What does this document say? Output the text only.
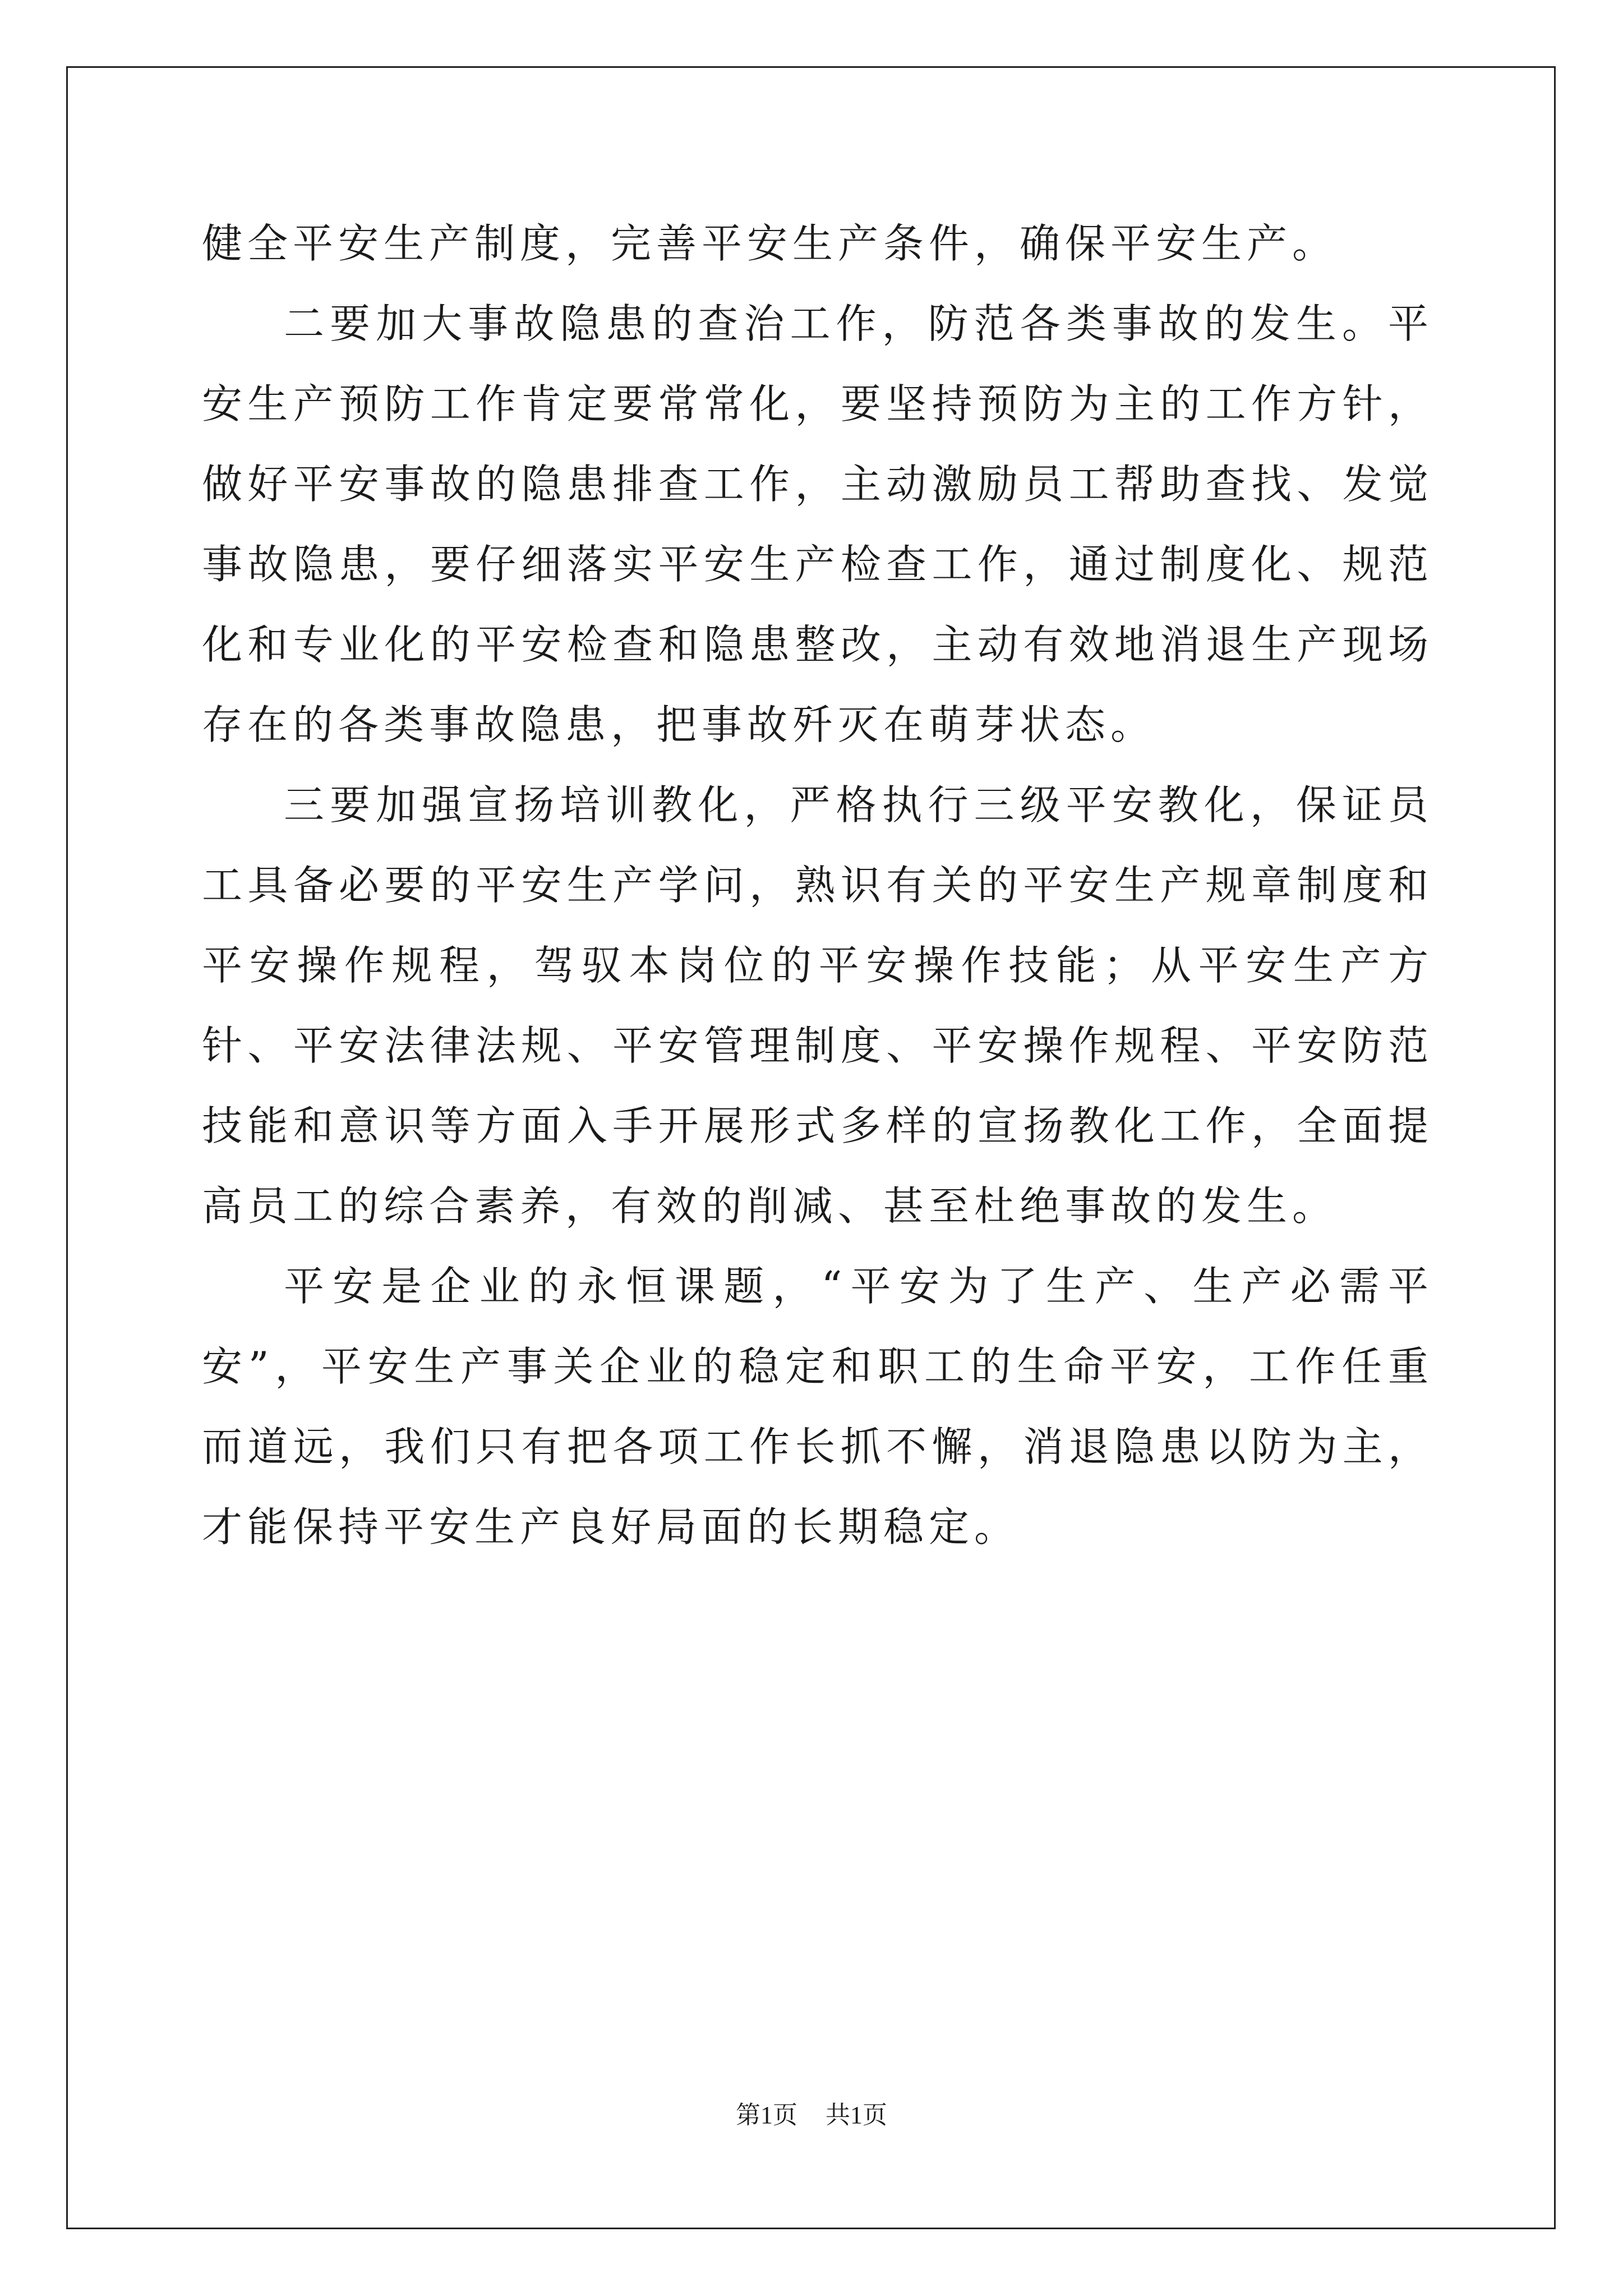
健全平安生产制度，完善平安生产条件，确保平安生产。

二要加大事故隐患的查治工作，防范各类事故的发生。平安生产预防工作肯定要常常化，要坚持预防为主的工作方针，做好平安事故的隐患排查工作，主动激励员工帮助查找、发觉事故隐患，要仔细落实平安生产检查工作，通过制度化、规范化和专业化的平安检查和隐患整改，主动有效地消退生产现场存在的各类事故隐患，把事故歼灭在萌芽状态。

三要加强宣扬培训教化，严格执行三级平安教化，保证员工具备必要的平安生产学问，熟识有关的平安生产规章制度和平安操作规程，驾驭本岗位的平安操作技能；从平安生产方针、平安法律法规、平安管理制度、平安操作规程、平安防范技能和意识等方面入手开展形式多样的宣扬教化工作，全面提高员工的综合素养，有效的削减、甚至杜绝事故的发生。

平安是企业的永恒课题，“平安为了生产、生产必需平安”，平安生产事关企业的稳定和职工的生命平安，工作任重而道远，我们只有把各项工作长抓不懈，消退隐患以防为主，才能保持平安生产良好局面的长期稳定。

第1页 共1页
